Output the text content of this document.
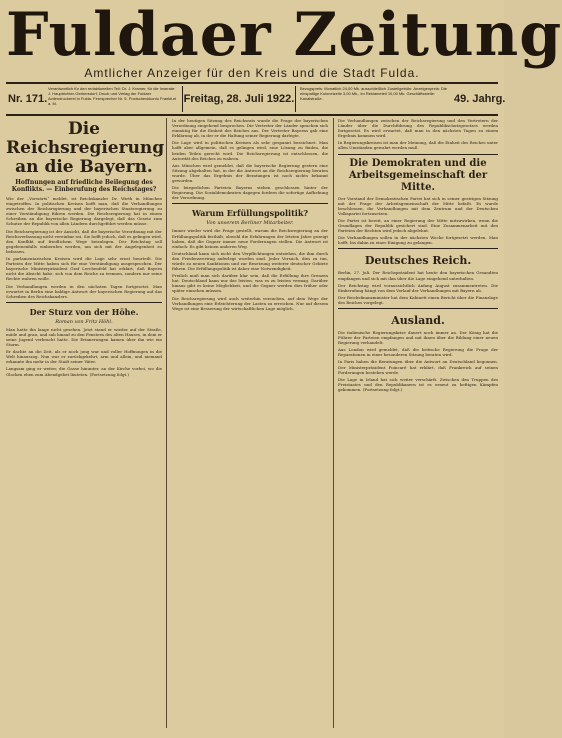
Fuldaer Zeitung
Amtlicher Anzeiger für den Kreis und die Stadt Fulda.
Nr. 171.
Verantwortlich für den redaktionellen Teil: Dr. J. Kramer, für die Inserate: J. Hauptrichter-Gerbersdorf, Druck und Verlag der Fuldaer Actiendruckerei in Fulda. Fernsprecher Nr. 5. Postscheckkonto Frankfurt a. M.	Freitag, 28. Juli 1922.
Bezugspreis: Monatlich 24,00 Mk. ausschließlich Zustellgebühr. Anzeigenpreis: Die einspaltige Kolonelzeile 3,00 Mk., im Reklameteil 10,00 Mk. Geschäftsstelle: Kanalstraße.	49. Jahrg.
Die Reichsregierung an die Bayern.
Hoffnungen auf friedliche Beilegung des Konflikts. — Einberufung des Reichstages?

Wie der „Vorwärts“ meldet, ist Reichskanzler Dr. Wirth in München eingetroffen. In politischen Kreisen hofft man, daß die Verhandlungen zwischen der Reichsregierung und der bayerischen Staatsregierung zu einer Verständigung führen werden. Die Reichsregierung hat in einem Schreiben an die bayerische Regierung dargelegt, daß das Gesetz zum Schutze der Republik von allen Ländern durchgeführt werden müsse.

Die Reichsregierung ist der Ansicht, daß die bayerische Verordnung mit der Reichsverfassung nicht vereinbar sei. Sie hofft jedoch, daß es gelingen wird, den Konflikt auf friedlichem Wege beizulegen. Der Reichstag soll gegebenenfalls einberufen werden, um sich mit der Angelegenheit zu befassen.

In parlamentarischen Kreisen wird die Lage sehr ernst beurteilt. Die Parteien der Mitte haben sich für eine Verständigung ausgesprochen. Der bayerische Ministerpräsident Graf Lerchenfeld hat erklärt, daß Bayern nicht die Absicht habe, sich von dem Reiche zu trennen, sondern nur seine Rechte wahren wolle.

Die Verhandlungen werden in den nächsten Tagen fortgesetzt. Man erwartet in Berlin eine baldige Antwort der bayerischen Regierung auf das Schreiben des Reichskanzlers.

Der Sturz von der Höhe.
Roman von Fritz Höhl.

Man hatte ihn lange nicht gesehen. Jetzt stand er wieder auf der Straße, müde und grau, und sah hinauf zu den Fenstern des alten Hauses, in dem er seine Jugend verbracht hatte. Die Erinnerungen kamen über ihn wie ein Sturm.

Er dachte an die Zeit, als er noch jung war und voller Hoffnungen in die Welt hinauszog. Nun war er zurückgekehrt, arm und allein, und niemand erkannte ihn mehr in der Stadt seiner Väter.

Langsam ging er weiter, die Gasse hinunter, an der Kirche vorbei, wo die Glocken eben zum Abendgebet läuteten. (Fortsetzung folgt.)

In der heutigen Sitzung des Reichsrats wurde die Frage der bayerischen Verordnung eingehend besprochen. Die Vertreter der Länder sprachen sich einmütig für die Einheit des Reiches aus. Der Vertreter Bayerns gab eine Erklärung ab, in der er die Haltung seiner Regierung darlegte.

Die Lage wird in politischen Kreisen als sehr gespannt bezeichnet. Man hofft aber allgemein, daß es gelingen wird, eine Lösung zu finden, die beiden Teilen gerecht wird. Die Reichsregierung ist entschlossen, die Autorität des Reiches zu wahren.

Aus München wird gemeldet, daß die bayerische Regierung gestern eine Sitzung abgehalten hat, in der die Antwort an die Reichsregierung beraten wurde. Über das Ergebnis der Beratungen ist noch nichts bekannt geworden.

Die bürgerlichen Parteien Bayerns stehen geschlossen hinter der Regierung. Die Sozialdemokraten dagegen fordern die sofortige Aufhebung der Verordnung.

Warum Erfüllungspolitik?
Von unserem Berliner Mitarbeiter.

Immer wieder wird die Frage gestellt, warum die Reichsregierung an der Erfüllungspolitik festhält, obwohl die Erfahrungen der letzten Jahre gezeigt haben, daß die Gegner immer neue Forderungen stellen. Die Antwort ist einfach: Es gibt keinen anderen Weg.

Deutschland kann sich nicht den Verpflichtungen entziehen, die ihm durch den Friedensvertrag auferlegt worden sind. Jeder Versuch, dies zu tun, würde zu neuen Sanktionen und zur Besetzung weiterer deutscher Gebiete führen. Die Erfüllungspolitik ist daher eine Notwendigkeit.

Freilich muß man sich darüber klar sein, daß die Erfüllung ihre Grenzen hat. Deutschland kann nur das leisten, was es zu leisten vermag. Darüber hinaus gibt es keine Möglichkeit, und die Gegner werden dies früher oder später einsehen müssen.

Die Reichsregierung wird auch weiterhin versuchen, auf dem Wege der Verhandlungen eine Erleichterung der Lasten zu erreichen. Nur auf diesem Wege ist eine Besserung der wirtschaftlichen Lage möglich.

Die Verhandlungen zwischen der Reichsregierung und den Vertretern der Länder über die Durchführung des Republikschutzgesetzes werden fortgesetzt. Es wird erwartet, daß man in den nächsten Tagen zu einem Ergebnis kommen wird.

In Regierungskreisen ist man der Meinung, daß die Einheit des Reiches unter allen Umständen gewahrt werden muß.

Die Demokraten und die Arbeitsgemeinschaft der Mitte.

Der Vorstand der Demokratischen Partei hat sich in seiner gestrigen Sitzung mit der Frage der Arbeitsgemeinschaft der Mitte befaßt. Es wurde beschlossen, die Verhandlungen mit dem Zentrum und der Deutschen Volkspartei fortzusetzen.

Die Partei ist bereit, an einer Regierung der Mitte mitzuwirken, wenn die Grundlagen der Republik gesichert sind. Eine Zusammenarbeit mit den Parteien der Rechten wird jedoch abgelehnt.

Die Verhandlungen sollen in der nächsten Woche fortgesetzt werden. Man hofft, bis dahin zu einer Einigung zu gelangen.

Deutsches Reich.

Berlin, 27. Juli. Der Reichspräsident hat heute den bayerischen Gesandten empfangen und sich mit ihm über die Lage eingehend unterhalten.

Der Reichstag wird voraussichtlich Anfang August zusammentreten. Die Einberufung hängt von dem Verlauf der Verhandlungen mit Bayern ab.

Der Reichsfinanzminister hat dem Kabinett einen Bericht über die Finanzlage des Reiches vorgelegt.

Ausland.

Die italienische Regierungskrise dauert noch immer an. Der König hat die Führer der Parteien empfangen und mit ihnen über die Bildung einer neuen Regierung verhandelt.

Aus London wird gemeldet, daß die britische Regierung die Frage der Reparationen in einer besonderen Sitzung beraten wird.

In Paris haben die Beratungen über die Antwort an Deutschland begonnen. Der Ministerpräsident Poincaré hat erklärt, daß Frankreich auf seinen Forderungen bestehen werde.

Die Lage in Irland hat sich weiter verschärft. Zwischen den Truppen des Freistaates und den Republikanern ist es erneut zu heftigen Kämpfen gekommen. (Fortsetzung folgt.)
